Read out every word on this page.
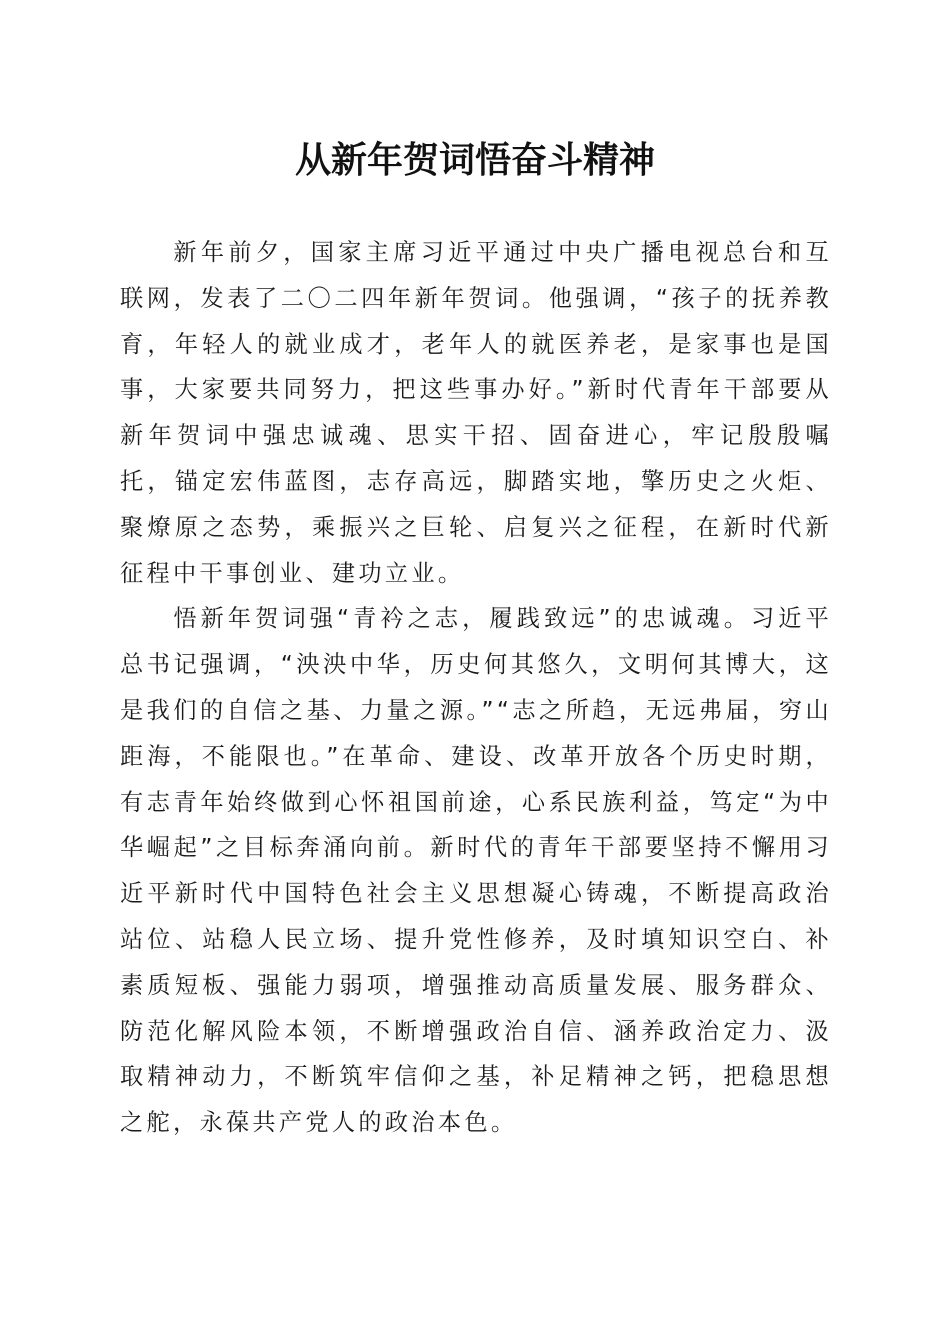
从新年贺词悟奋斗精神

新年前夕，国家主席习近平通过中央广播电视总台和互联网，发表了二〇二四年新年贺词。他强调，“孩子的抚养教育，年轻人的就业成才，老年人的就医养老，是家事也是国事，大家要共同努力，把这些事办好。”新时代青年干部要从新年贺词中强忠诚魂、思实干招、固奋进心，牢记殷殷嘱托，锚定宏伟蓝图，志存高远，脚踏实地，擎历史之火炬、聚燎原之态势，乘振兴之巨轮、启复兴之征程，在新时代新征程中干事创业、建功立业。

悟新年贺词强“青衿之志，履践致远”的忠诚魂。习近平总书记强调，“泱泱中华，历史何其悠久，文明何其博大，这是我们的自信之基、力量之源。”“志之所趋，无远弗届，穷山距海，不能限也。”在革命、建设、改革开放各个历史时期，有志青年始终做到心怀祖国前途，心系民族利益，笃定“为中华崛起”之目标奔涌向前。新时代的青年干部要坚持不懈用习近平新时代中国特色社会主义思想凝心铸魂，不断提高政治站位、站稳人民立场、提升党性修养，及时填知识空白、补素质短板、强能力弱项，增强推动高质量发展、服务群众、防范化解风险本领，不断增强政治自信、涵养政治定力、汲取精神动力，不断筑牢信仰之基，补足精神之钙，把稳思想之舵，永葆共产党人的政治本色。
